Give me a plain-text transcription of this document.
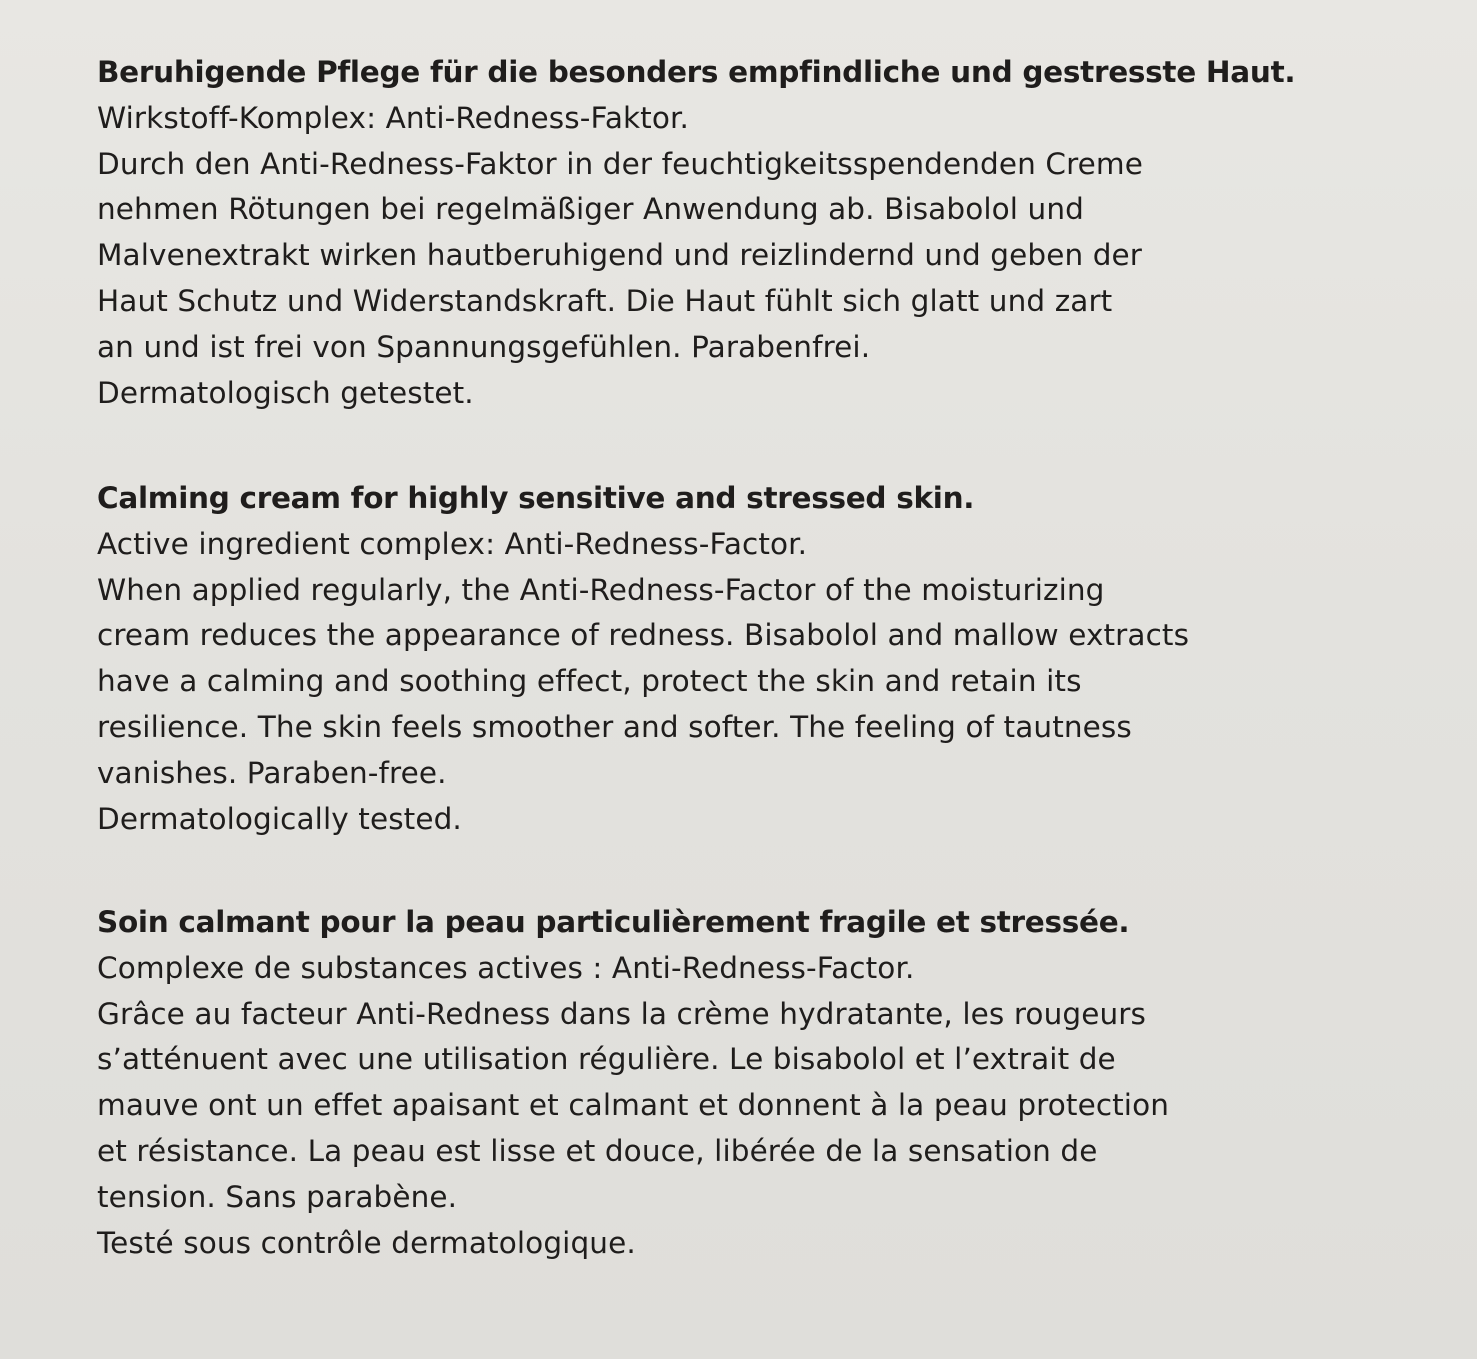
Beruhigende Pflege für die besonders empfindliche und gestresste Haut.
Wirkstoff-Komplex: Anti-Redness-Faktor.
Durch den Anti-Redness-Faktor in der feuchtigkeitsspendenden Creme
nehmen Rötungen bei regelmäßiger Anwendung ab. Bisabolol und
Malvenextrakt wirken hautberuhigend und reizlindernd und geben der
Haut Schutz und Widerstandskraft. Die Haut fühlt sich glatt und zart
an und ist frei von Spannungsgefühlen. Parabenfrei.
Dermatologisch getestet.
Calming cream for highly sensitive and stressed skin.
Active ingredient complex: Anti-Redness-Factor.
When applied regularly, the Anti-Redness-Factor of the moisturizing
cream reduces the appearance of redness. Bisabolol and mallow extracts
have a calming and soothing effect, protect the skin and retain its
resilience. The skin feels smoother and softer. The feeling of tautness
vanishes. Paraben-free.
Dermatologically tested.
Soin calmant pour la peau particulièrement fragile et stressée.
Complexe de substances actives : Anti-Redness-Factor.
Grâce au facteur Anti-Redness dans la crème hydratante, les rougeurs
s’atténuent avec une utilisation régulière. Le bisabolol et l’extrait de
mauve ont un effet apaisant et calmant et donnent à la peau protection
et résistance. La peau est lisse et douce, libérée de la sensation de
tension. Sans parabène.
Testé sous contrôle dermatologique.
